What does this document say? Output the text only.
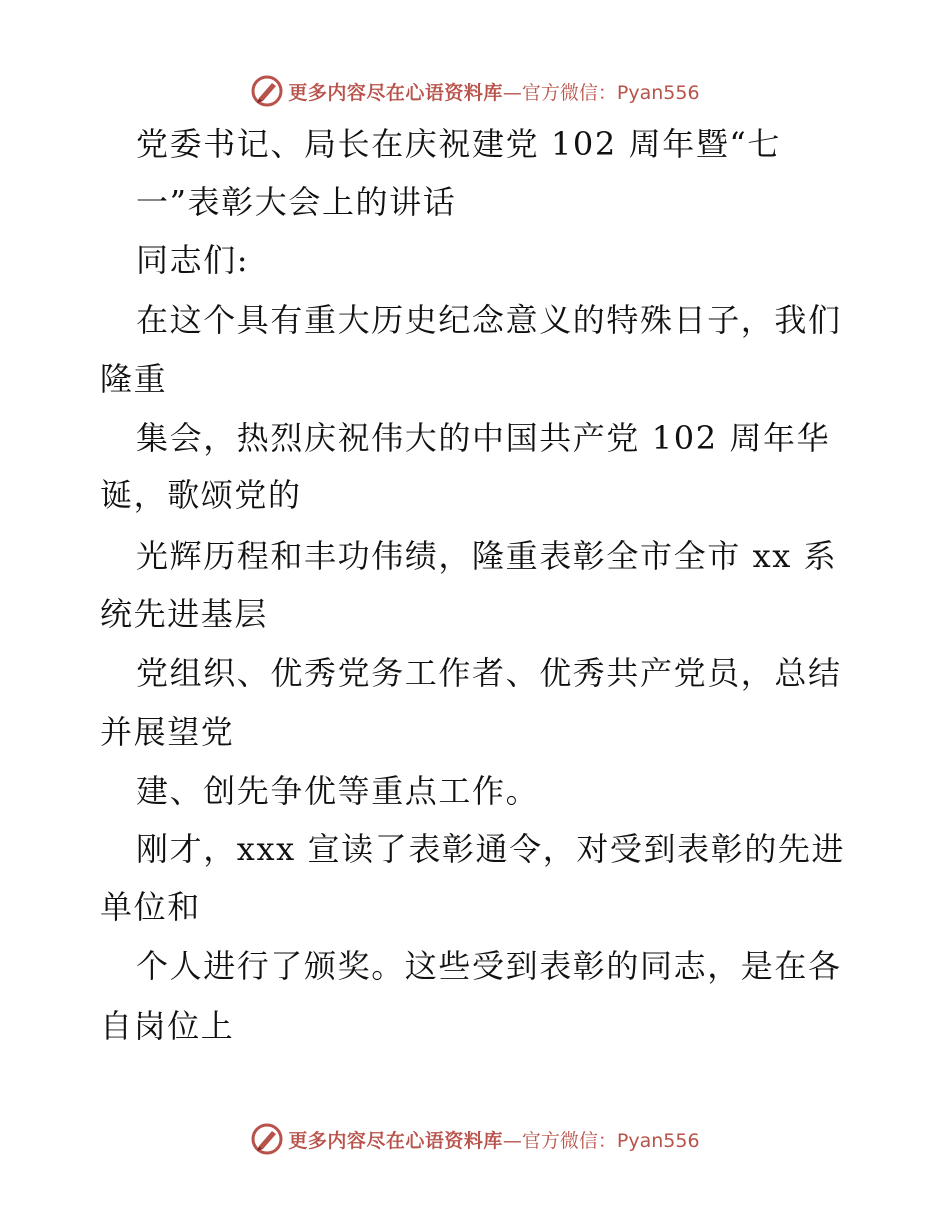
更多内容尽在心语资料库 —官方微信：Pyan556
党委书记、局长在庆祝建党 102 周年暨“七
一”表彰大会上的讲话
同志们:
在这个具有重大历史纪念意义的特殊日子，我们
隆重
集会，热烈庆祝伟大的中国共产党 102 周年华
诞，歌颂党的
光辉历程和丰功伟绩，隆重表彰全市全市 xx 系
统先进基层
党组织、优秀党务工作者、优秀共产党员，总结
并展望党
建、创先争优等重点工作。
刚才，xxx 宣读了表彰通令，对受到表彰的先进
单位和
个人进行了颁奖。这些受到表彰的同志，是在各
自岗位上
更多内容尽在心语资料库 —官方微信：Pyan556
